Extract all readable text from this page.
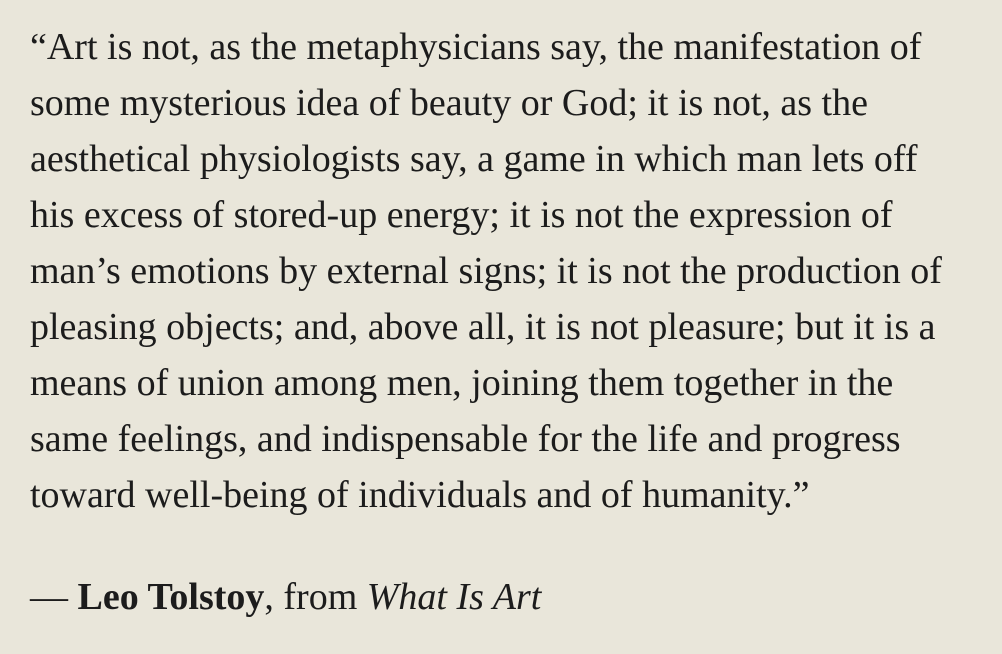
“Art is not, as the metaphysicians say, the manifestation of
some mysterious idea of beauty or God; it is not, as the
aesthetical physiologists say, a game in which man lets off
his excess of stored-up energy; it is not the expression of
man’s emotions by external signs; it is not the production of
pleasing objects; and, above all, it is not pleasure; but it is a
means of union among men, joining them together in the
same feelings, and indispensable for the life and progress
toward well-being of individuals and of humanity.”
— Leo Tolstoy, from What Is Art
